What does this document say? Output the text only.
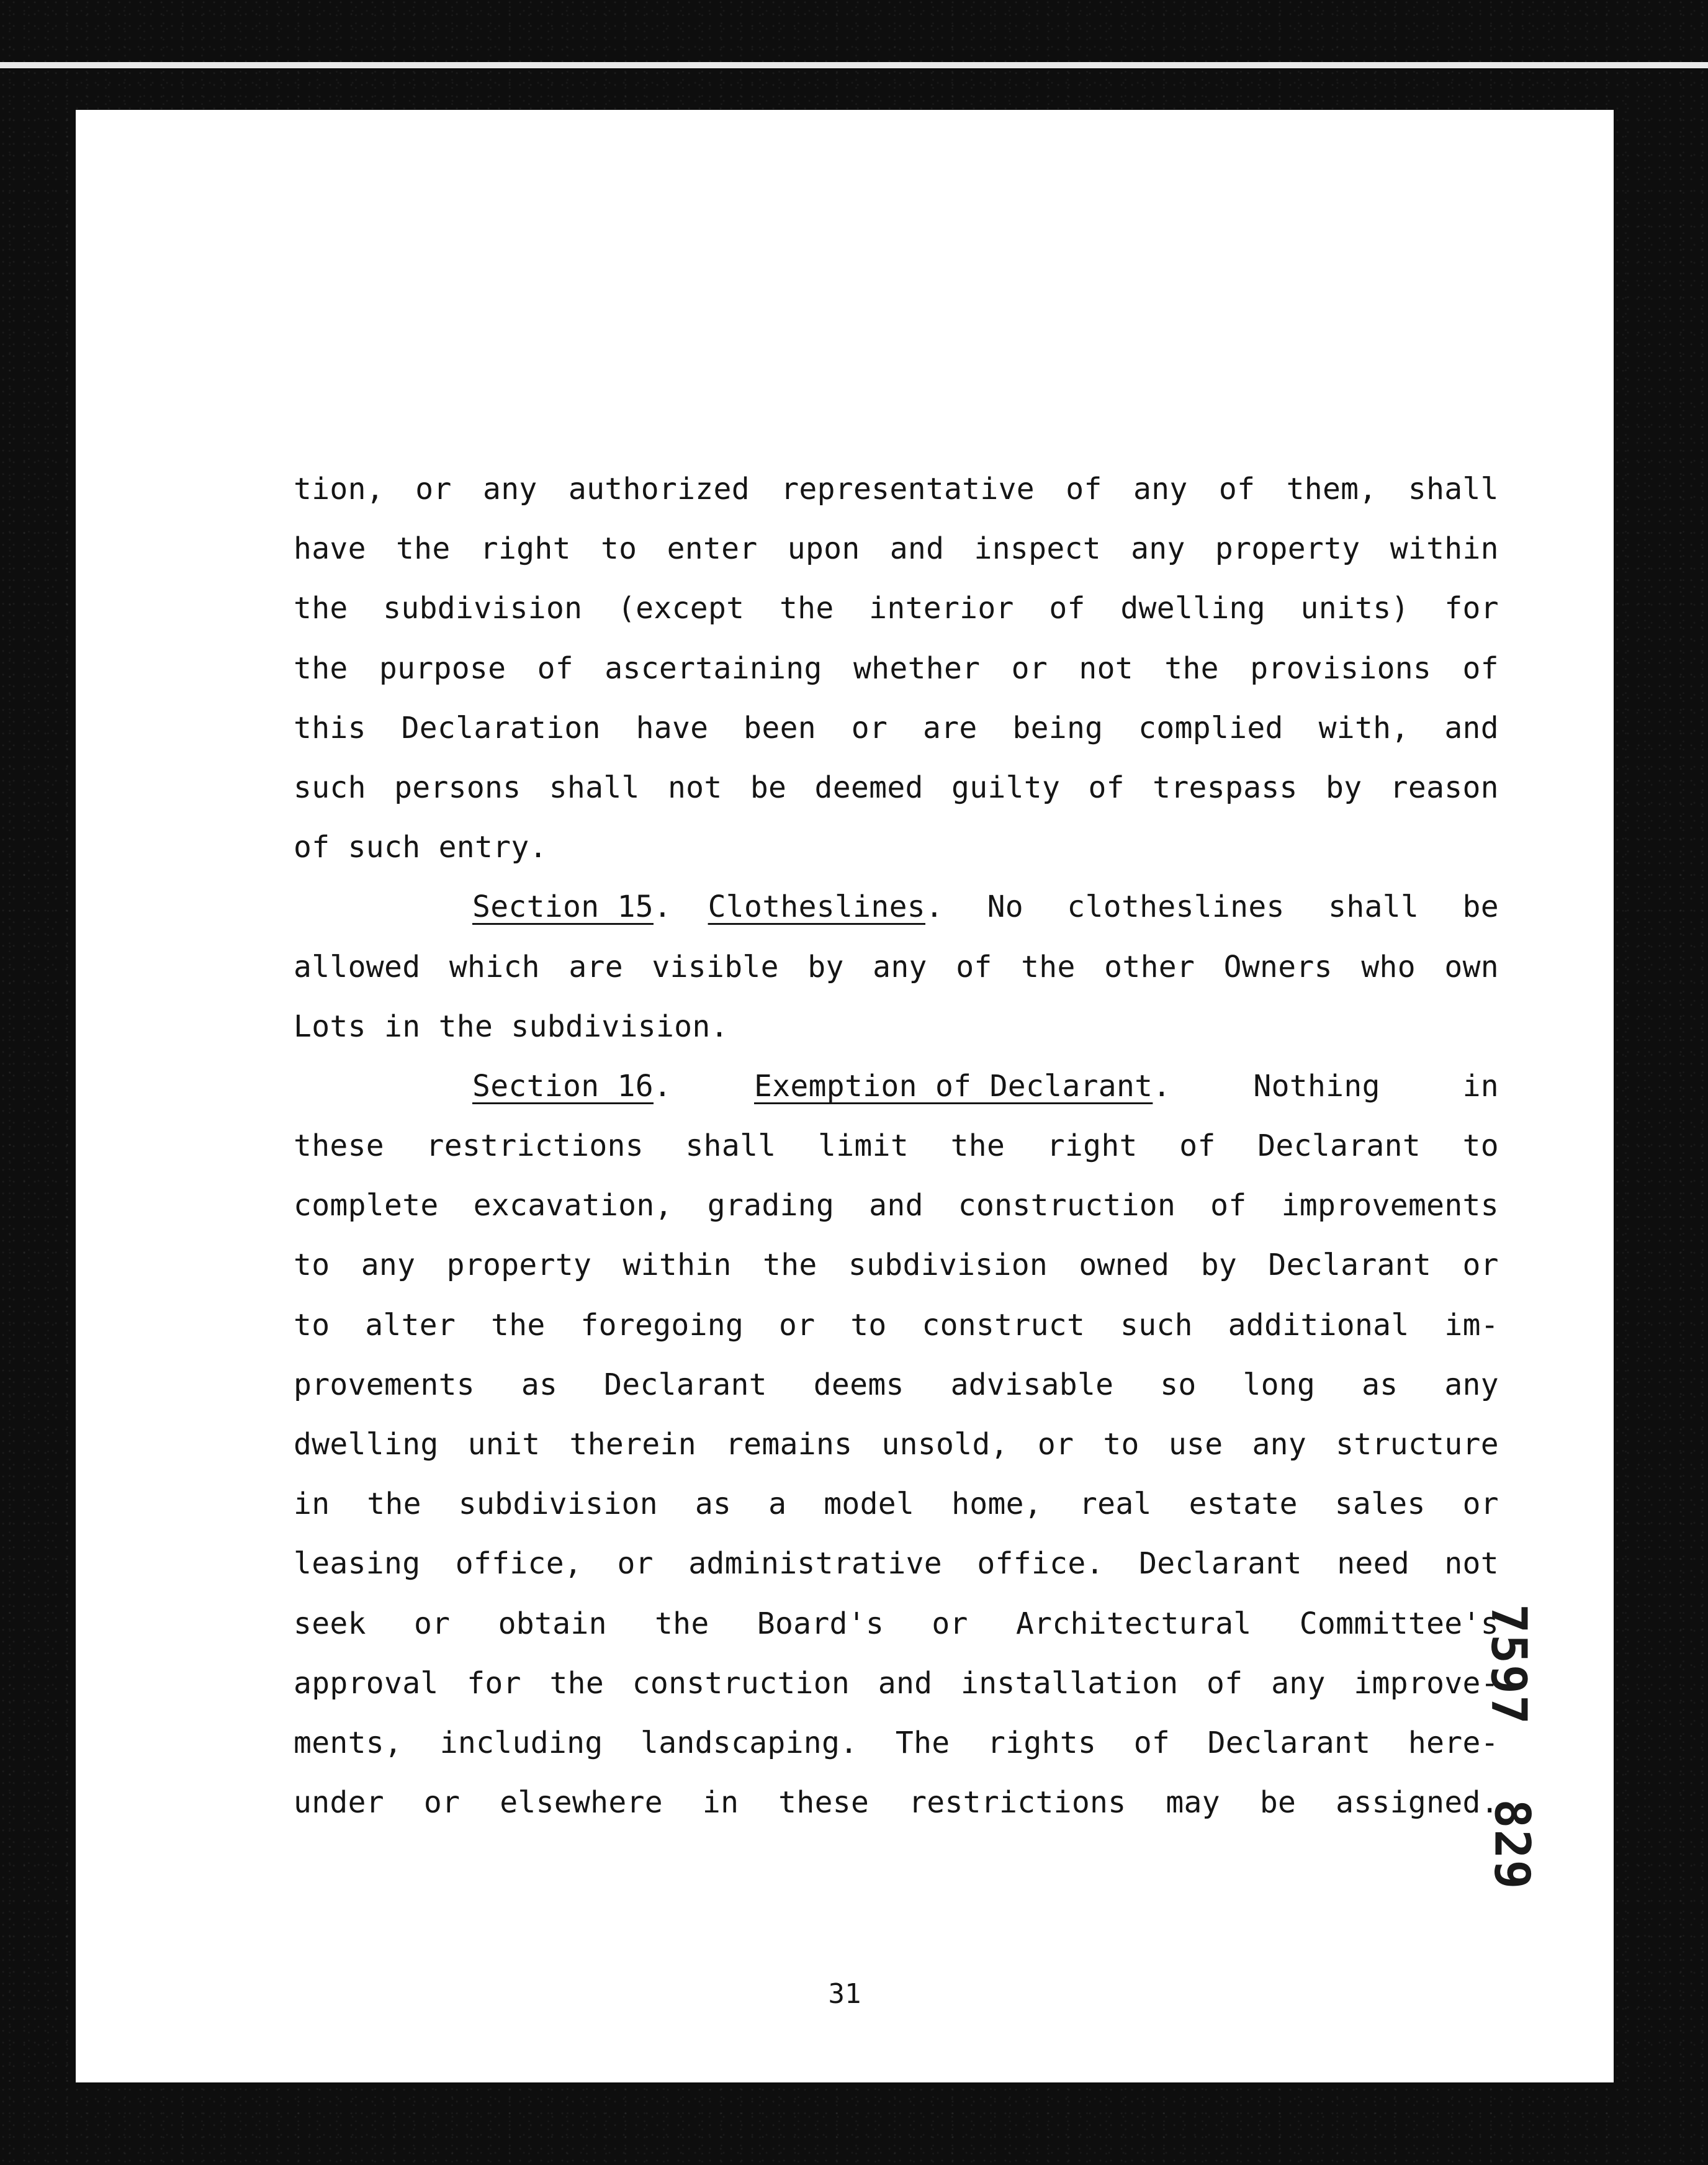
tion, or any authorized representative of any of them, shall
have the right to enter upon and inspect any property within
the subdivision (except the interior of dwelling units) for
the purpose of ascertaining whether or not the provisions of
this Declaration have been or are being complied with, and
such persons shall not be deemed guilty of trespass by reason
of such entry.
Section 15.  Clotheslines. No clotheslines shall be
allowed which are visible by any of the other Owners who own
Lots in the subdivision.
Section 16.	Exemption of Declarant.	Nothing	in
these restrictions shall limit the right of Declarant to
complete excavation, grading and construction of improvements
to any property within the subdivision owned by Declarant or
to alter the foregoing or to construct such additional im-
provements as Declarant deems advisable so long as any
dwelling unit therein remains unsold, or to use any structure
in the subdivision as a model home, real estate sales or
leasing office, or administrative office. Declarant need not
seek or obtain the Board's or Architectural Committee's
approval for the construction and installation of any improve-
ments, including landscaping. The rights of Declarant here-
under or elsewhere in these restrictions may be assigned.
31
7597
829
